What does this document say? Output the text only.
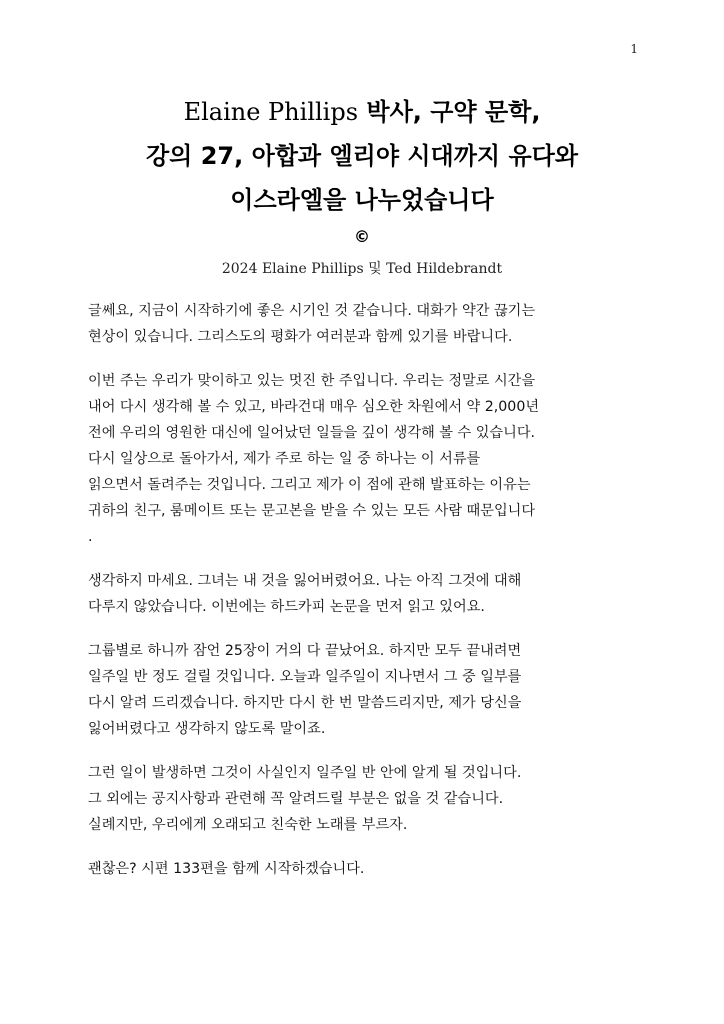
1
Elaine Phillips 박사, 구약 문학,
강의 27, 아합과 엘리야 시대까지 유다와
이스라엘을 나누었습니다
©
2024 Elaine Phillips 및 Ted Hildebrandt

글쎄요, 지금이 시작하기에 좋은 시기인 것 같습니다. 대화가 약간 끊기는
현상이 있습니다. 그리스도의 평화가 여러분과 함께 있기를 바랍니다.

이번 주는 우리가 맞이하고 있는 멋진 한 주입니다. 우리는 정말로 시간을
내어 다시 생각해 볼 수 있고, 바라건대 매우 심오한 차원에서 약 2,000년
전에 우리의 영원한 대신에 일어났던 일들을 깊이 생각해 볼 수 있습니다.
다시 일상으로 돌아가서, 제가 주로 하는 일 중 하나는 이 서류를
읽으면서 돌려주는 것입니다. 그리고 제가 이 점에 관해 발표하는 이유는
귀하의 친구, 룸메이트 또는 문고본을 받을 수 있는 모든 사람 때문입니다
.

생각하지 마세요. 그녀는 내 것을 잃어버렸어요. 나는 아직 그것에 대해
다루지 않았습니다. 이번에는 하드카피 논문을 먼저 읽고 있어요.

그룹별로 하니까 잠언 25장이 거의 다 끝났어요. 하지만 모두 끝내려면
일주일 반 정도 걸릴 것입니다. 오늘과 일주일이 지나면서 그 중 일부를
다시 알려 드리겠습니다. 하지만 다시 한 번 말씀드리지만, 제가 당신을
잃어버렸다고 생각하지 않도록 말이죠.

그런 일이 발생하면 그것이 사실인지 일주일 반 안에 알게 될 것입니다.
그 외에는 공지사항과 관련해 꼭 알려드릴 부분은 없을 것 같습니다.
실례지만, 우리에게 오래되고 친숙한 노래를 부르자.

괜찮은? 시편 133편을 함께 시작하겠습니다.
